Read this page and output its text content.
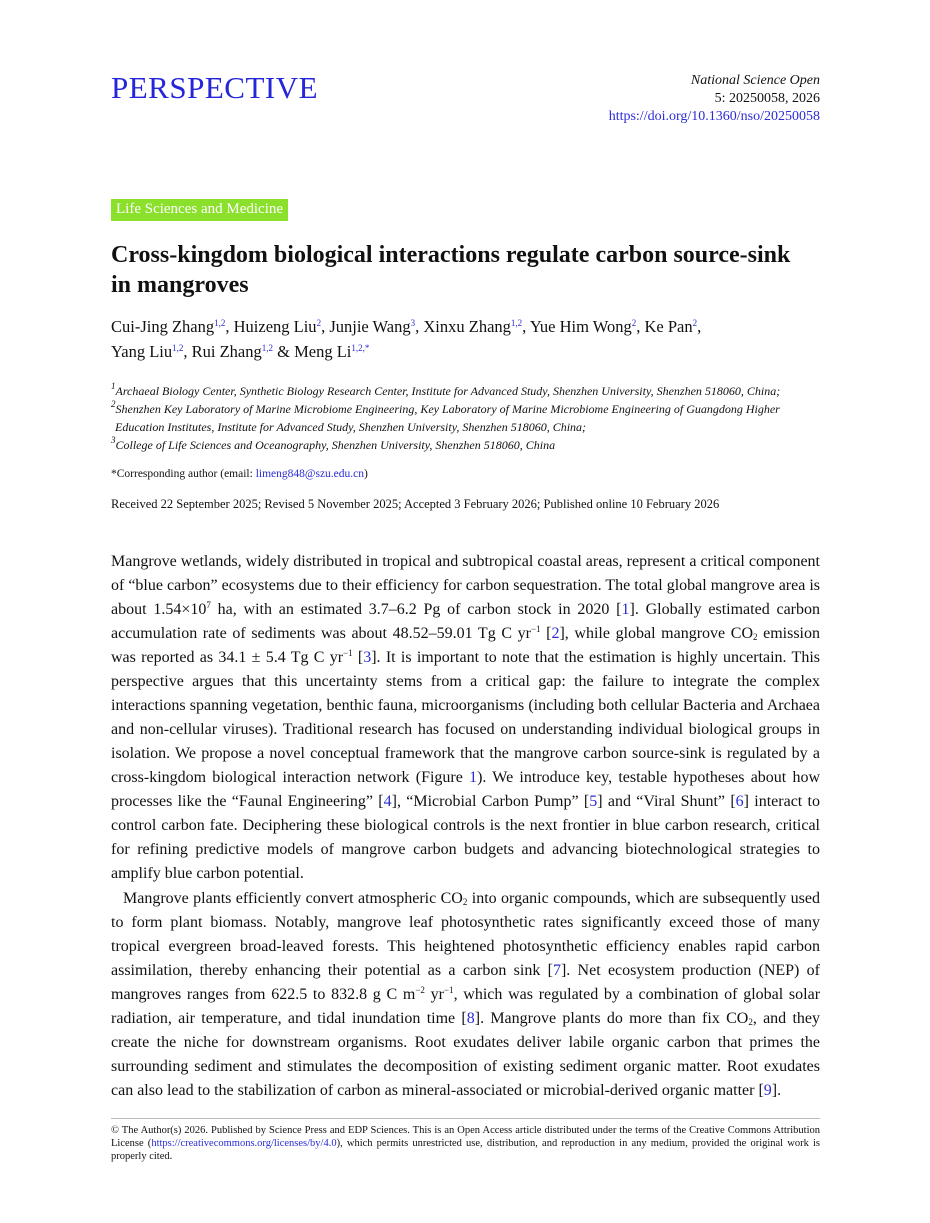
PERSPECTIVE	National Science Open
5: 20250058, 2026
https://doi.org/10.1360/nso/20250058
Life Sciences and Medicine
Cross-kingdom biological interactions regulate carbon source-sink
in mangroves
Cui-Jing Zhang$^{1,2}$, Huizeng Liu$^2$, Junjie Wang$^3$, Xinxu Zhang$^{1,2}$, Yue Him Wong$^2$, Ke Pan$^2$,
Yang Liu$^{1,2}$, Rui Zhang$^{1,2}$ & Meng $Li^{1,2,*}$
$^1$Archaeal Biology Center, Synthetic Biology Research Center, Institute for Advanced Study, Shenzhen University, Shenzhen 518060, China;
$^2$Shenzhen Key Laboratory of Marine Microbiome Engineering, Key Laboratory of Marine Microbiome Engineering of Guangdong Higher
Education Institutes, Institute for Advanced Study, Shenzhen University, Shenzhen 518060, China;
$^3$College of Life Sciences and Oceanography, Shenzhen University, Shenzhen 518060, China
*Corresponding author (email: limeng848@szu.edu.cn)
Received 22 September 2025; Revised 5 November 2025; Accepted 3 February 2026; Published online 10 February 2026

Mangrove wetlands, widely distributed in tropical and subtropical coastal areas, represent a critical component of “blue carbon” ecosystems due to their efficiency for carbon sequestration. The total global mangrove area is about $1.54\times 10^7$ ha, with an estimated 3.7–6.2 Pg of carbon stock in 2020 [1]. Globally estimated carbon accumulation rate of sediments was about 48.52–59.01 Tg C $yr^{-1}$ [2], while global mangrove $CO_2$ emission was reported as 34.1 ± 5.4 Tg C $yr^{-1}$ [3]. It is important to note that the estimation is highly uncertain. This perspective argues that this uncertainty stems from a critical gap: the failure to integrate the complex interactions spanning vegetation, benthic fauna, microorganisms (including both cellular Bacteria and Archaea and non-cellular viruses). Traditional research has focused on understanding individual biological groups in isolation. We propose a novel conceptual framework that the mangrove carbon source-sink is regulated by a cross-kingdom biological interaction network (Figure 1). We introduce key, testable hypotheses about how processes like the “Faunal Engineering” [4], “Microbial Carbon Pump” [5] and “Viral Shunt” [6] interact to control carbon fate. Deciphering these biological controls is the next frontier in blue carbon research, critical for refining predictive models of mangrove carbon budgets and advancing biotechnological strategies to amplify blue carbon potential.

Mangrove plants efficiently convert atmospheric $CO_2$ into organic compounds, which are subsequently used to form plant biomass. Notably, mangrove leaf photosynthetic rates significantly exceed those of many tropical evergreen broad-leaved forests. This heightened photosynthetic efficiency enables rapid carbon assimilation, thereby enhancing their potential as a carbon sink [7]. Net ecosystem production (NEP) of mangroves ranges from 622.5 to 832.8 g C $m^{-2}$ $yr^{-1}$, which was regulated by a combination of global solar radiation, air temperature, and tidal inundation time [8]. Mangrove plants do more than fix $CO_2$, and they create the niche for downstream organisms. Root exudates deliver labile organic carbon that primes the surrounding sediment and stimulates the decomposition of existing sediment organic matter. Root exudates can also lead to the stabilization of carbon as mineral-associated or microbial-derived organic matter [9].

© The Author(s) 2026. Published by Science Press and EDP Sciences. This is an Open Access article distributed under the terms of the Creative Commons Attribution License (https://creativecommons.org/licenses/by/4.0), which permits unrestricted use, distribution, and reproduction in any medium, provided the original work is properly cited.
